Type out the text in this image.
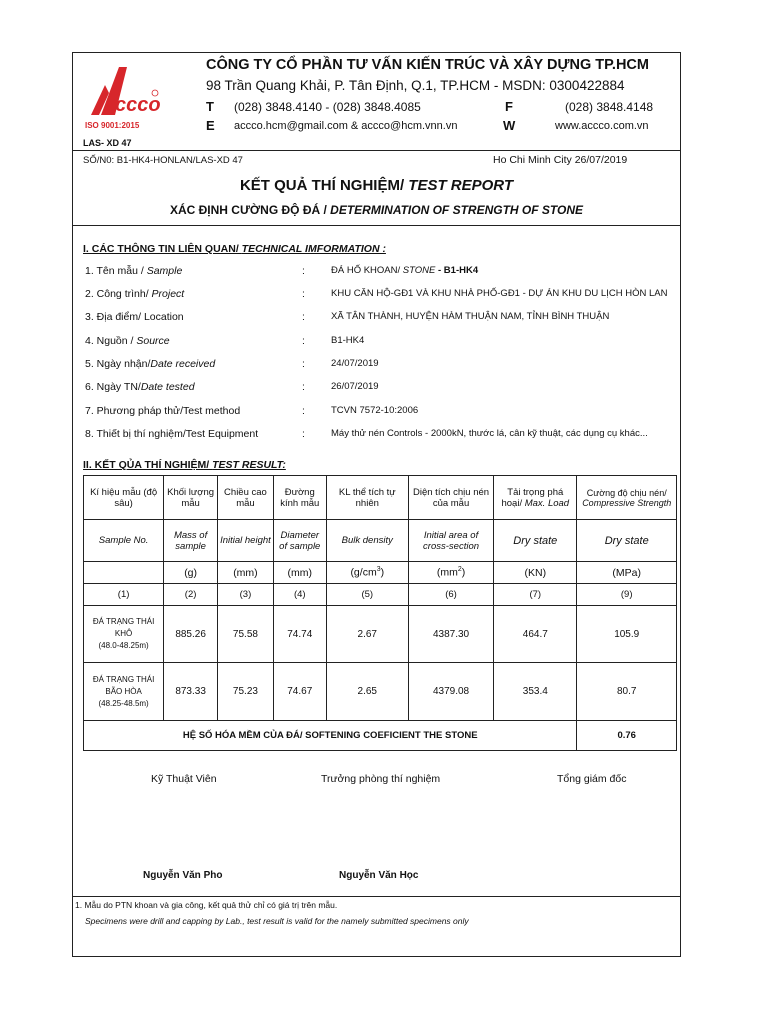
ccco
ISO 9001:2015
CÔNG TY CỔ PHẦN TƯ VẤN KIẾN TRÚC VÀ XÂY DỰNG TP.HCM
98 Trần Quang Khải, P. Tân Định, Q.1, TP.HCM - MSDN: 0300422884
T
E
(028) 3848.4140 - (028) 3848.4085
accco.hcm@gmail.com & accco@hcm.vnn.vn
F
W
(028) 3848.4148
www.accco.com.vn
LAS- XD 47
SỐ/N0: B1-HK4-HONLAN/LAS-XD 47	Ho Chi Minh City 26/07/2019
KẾT QUẢ THÍ NGHIỆM/ TEST REPORT
XÁC ĐỊNH CƯỜNG ĐỘ ĐÁ / DETERMINATION OF STRENGTH OF STONE
I. CÁC THÔNG TIN LIÊN QUAN/ TECHNICAL IMFORMATION :
1. Tên mẫu / Sample	:	ĐÁ HỐ KHOAN/ STONE - B1-HK4
2. Công trình/ Project	:	KHU CĂN HỘ-GĐ1 VÀ KHU NHÀ PHỐ-GĐ1 - DỰ ÁN KHU DU LỊCH HÒN LAN
3. Địa điểm/ Location	:	XÃ TÂN THÀNH, HUYỆN HÀM THUẬN NAM, TỈNH BÌNH THUẬN
4. Nguồn / Source	:	B1-HK4
5. Ngày nhận/Date received	:	24/07/2019
6. Ngày TN/Date tested	:	26/07/2019
7. Phương pháp thử/Test method	:	TCVN 7572-10:2006
8. Thiết bị thí nghiệm/Test Equipment	:	Máy thử nén Controls - 2000kN, thước lá, cân kỹ thuật, các dụng cụ khác...
II. KẾT QỦA THÍ NGHIỆM/ TEST RESULT:
Kí hiệu mẫu (độ sâu)	Khối lượng mẫu	Chiều cao mẫu	Đường kính mẫu	KL thể tích tự nhiên	Diện tích chịu nén của mẫu	Tải trọng phá hoại/ Max. Load	Cường độ chịu nén/
Compressive Strength
Sample No.	Mass of sample	Initial height	Diameter of sample	Bulk density	Initial area of cross-section	Dry state	Dry state
	(g)	(mm)	(mm)	$(g/cm^3)$	$(mm^2)$	(KN)	(MPa)
(1)	(2)	(3)	(4)	(5)	(6)	(7)	(9)
ĐÁ TRẠNG THÁI
KHÔ
(48.0-48.25m)	885.26	75.58	74.74	2.67	4387.30	464.7	105.9
ĐÁ TRẠNG THÁI
BÃO HÒA
(48.25-48.5m)	873.33	75.23	74.67	2.65	4379.08	353.4	80.7
HỆ SỐ HÓA MỀM CỦA ĐÁ/ SOFTENING COEFICIENT THE STONE							0.76
Kỹ Thuật Viên	Trưởng phòng thí nghiệm	Tổng giám đốc
Nguyễn Văn Pho	Nguyễn Văn Học
1. Mẫu do PTN khoan và gia công, kết quả thử chỉ có giá trị trên mẫu.
Specimens were drill and capping by Lab., test result is valid for the namely submitted specimens only
